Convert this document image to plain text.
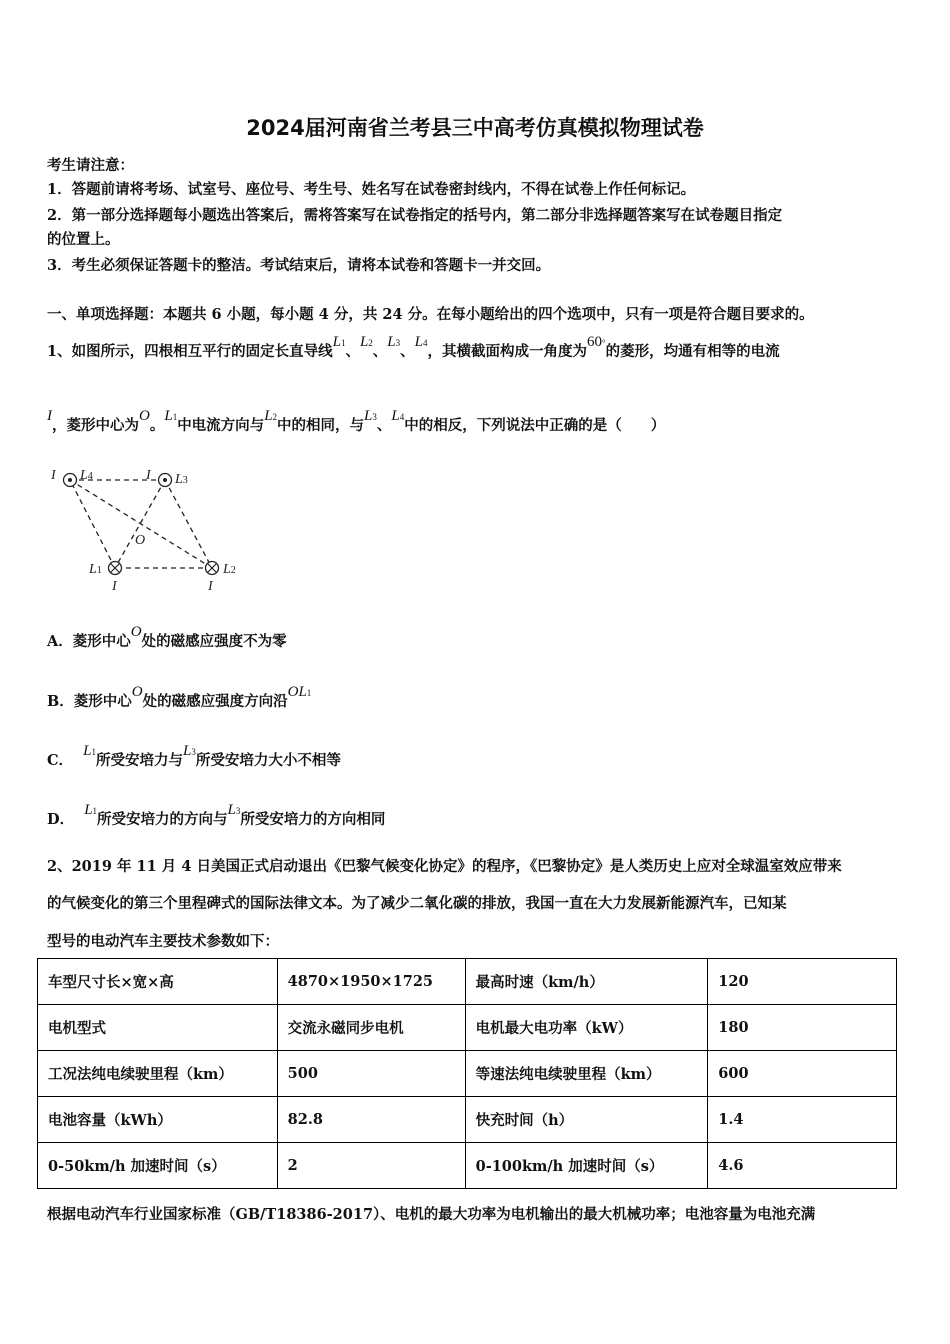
2024届河南省兰考县三中高考仿真模拟物理试卷
考生请注意：
1．答题前请将考场、试室号、座位号、考生号、姓名写在试卷密封线内，不得在试卷上作任何标记。
2．第一部分选择题每小题选出答案后，需将答案写在试卷指定的括号内，第二部分非选择题答案写在试卷题目指定
的位置上。
3．考生必须保证答题卡的整洁。考试结束后，请将本试卷和答题卡一并交回。
一、单项选择题：本题共 6 小题，每小题 4 分，共 24 分。在每小题给出的四个选项中，只有一项是符合题目要求的。
1、如图所示，四根相互平行的固定长直导线L1、L2、L3、L4，其横截面构成一角度为60°的菱形，均通有相等的电流
I，菱形中心为O。L1中电流方向与L2中的相同，与L3、L4中的相反，下列说法中正确的是（　　）
I L4	I L3
O
L1
I
L2
I
A．菱形中心O处的磁感应强度不为零
B．菱形中心O处的磁感应强度方向沿OL1
C．  L1所受安培力与L3所受安培力大小不相等
D．  L1所受安培力的方向与L3所受安培力的方向相同
2、2019 年 11 月 4 日美国正式启动退出《巴黎气候变化协定》的程序，《巴黎协定》是人类历史上应对全球温室效应带来
的气候变化的第三个里程碑式的国际法律文本。为了减少二氧化碳的排放，我国一直在大力发展新能源汽车，已知某
型号的电动汽车主要技术参数如下：
车型尺寸长×宽×高	4870×1950×1725	最高时速（km/h）	120
电机型式	交流永磁同步电机	电机最大电功率（kW）	180
工况法纯电续驶里程（km）	500	等速法纯电续驶里程（km）	600
电池容量（kWh）	82.8	快充时间（h）	1.4
0-50km/h 加速时间（s）	2	0-100km/h 加速时间（s）	4.6
根据电动汽车行业国家标准（GB/T18386-2017）、电机的最大功率为电机输出的最大机械功率；电池容量为电池充满
